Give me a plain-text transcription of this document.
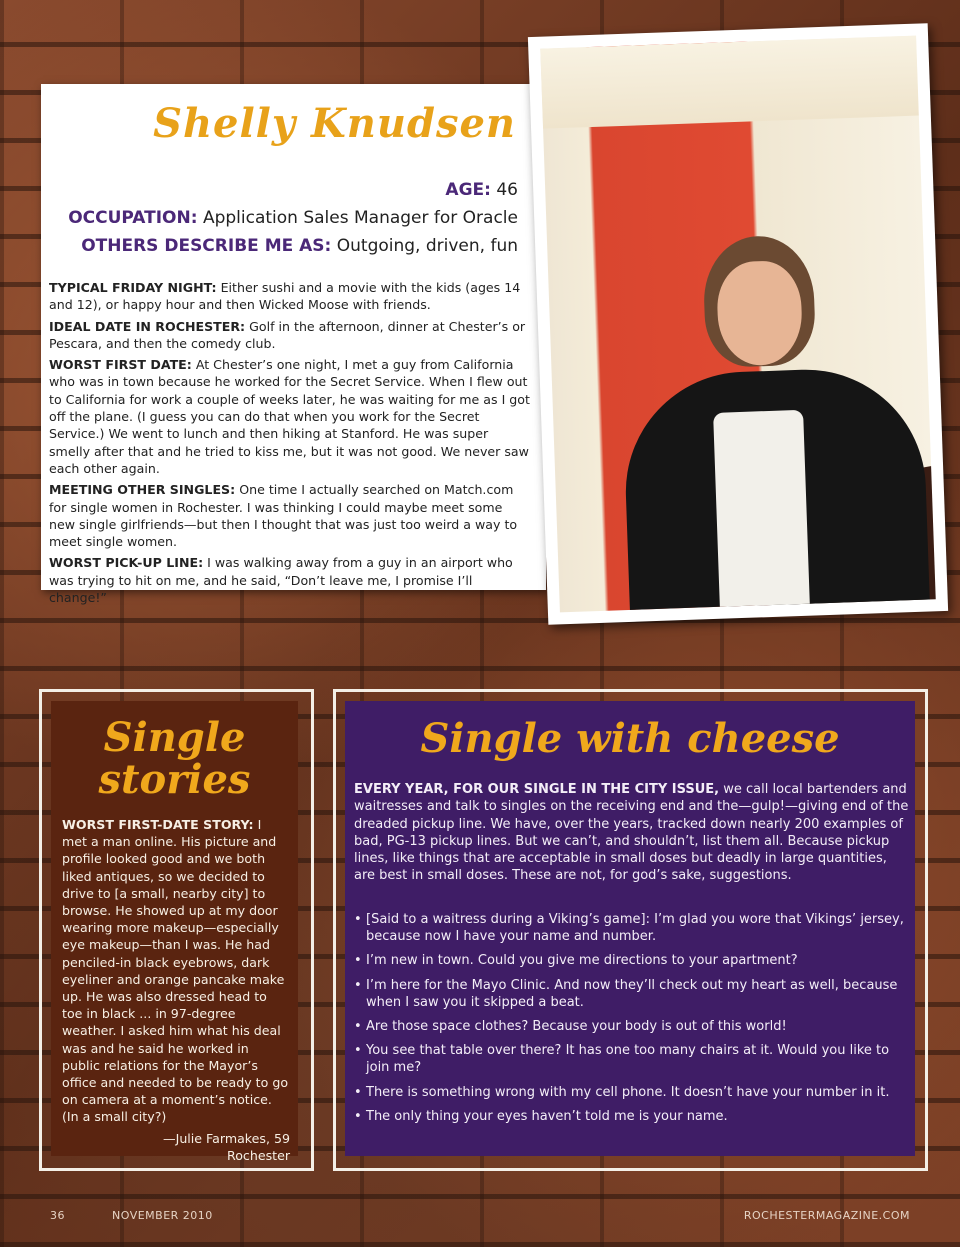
Shelly Knudsen
AGE: 46
OCCUPATION: Application Sales Manager for Oracle
OTHERS DESCRIBE ME AS: Outgoing, driven, fun

TYPICAL FRIDAY NIGHT: Either sushi and a movie with the kids (ages 14 and 12), or happy hour and then Wicked Moose with friends.

IDEAL DATE IN ROCHESTER: Golf in the afternoon, dinner at Chester’s or Pescara, and then the comedy club.

WORST FIRST DATE: At Chester’s one night, I met a guy from California who was in town because he worked for the Secret Service. When I flew out to California for work a couple of weeks later, he was waiting for me as I got off the plane. (I guess you can do that when you work for the Secret Service.) We went to lunch and then hiking at Stanford. He was super smelly after that and he tried to kiss me, but it was not good. We never saw each other again.

MEETING OTHER SINGLES: One time I actually searched on Match.com for single women in Rochester. I was thinking I could maybe meet some new single girlfriends—but then I thought that was just too weird a way to meet single women.

WORST PICK-UP LINE: I was walking away from a guy in an airport who was trying to hit on me, and he said, “Don’t leave me, I promise I’ll change!”

Single
stories
WORST FIRST-DATE STORY: I met a man online. His picture and profile looked good and we both liked antiques, so we decided to drive to [a small, nearby city] to browse. He showed up at my door wearing more makeup—especially eye makeup—than I was. He had penciled-in black eyebrows, dark eyeliner and orange pancake make up. He was also dressed head to toe in black ... in 97-degree weather. I asked him what his deal was and he said he worked in public relations for the Mayor’s office and needed to be ready to go on camera at a moment’s notice. (In a small city?)
—Julie Farmakes, 59
Rochester
Single with cheese
EVERY YEAR, FOR OUR SINGLE IN THE CITY ISSUE, we call local bartenders and waitresses and talk to singles on the receiving end and the—gulp!—giving end of the dreaded pickup line. We have, over the years, tracked down nearly 200 examples of bad, PG-13 pickup lines. But we can’t, and shouldn’t, list them all. Because pickup lines, like things that are acceptable in small doses but deadly in large quantities, are best in small doses. These are not, for god’s sake, suggestions.
• [Said to a waitress during a Viking’s game]: I’m glad you wore that Vikings’ jersey, because now I have your name and number.
• I’m new in town. Could you give me directions to your apartment?
• I’m here for the Mayo Clinic. And now they’ll check out my heart as well, because when I saw you it skipped a beat.
• Are those space clothes? Because your body is out of this world!
• You see that table over there? It has one too many chairs at it. Would you like to join me?
• There is something wrong with my cell phone. It doesn’t have your number in it.
• The only thing your eyes haven’t told me is your name.
36	NOVEMBER 2010	ROCHESTERMAGAZINE.COM
